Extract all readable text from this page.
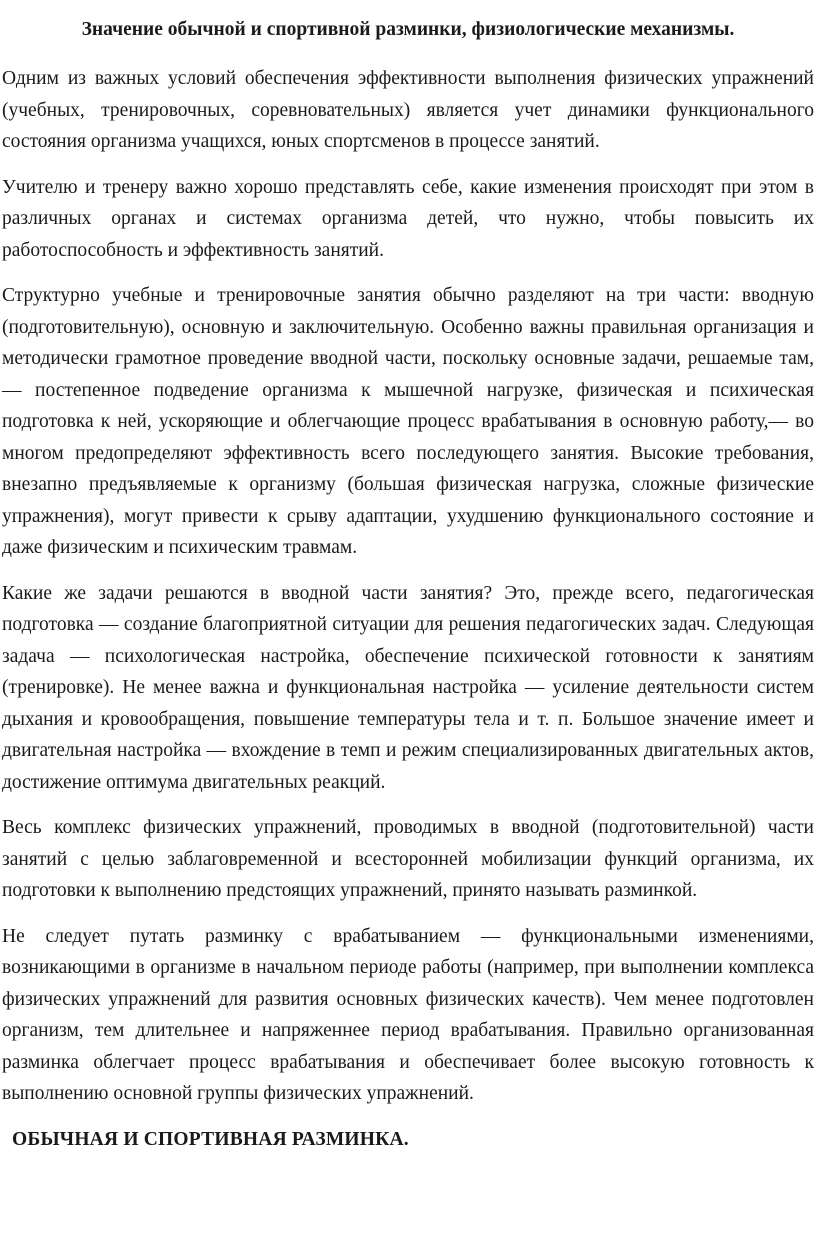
Значение обычной и спортивной разминки, физиологические механизмы.

Одним из важных условий обеспечения эффективности выполнения физических упражнений (учебных, тренировочных, соревновательных) является учет динамики функционального состояния организма учащихся, юных спортсменов в процессе занятий.

Учителю и тренеру важно хорошо представлять себе, какие изменения происходят при этом в различных органах и системах организма детей, что нужно, чтобы повысить их работоспособность и эффективность занятий.

Структурно учебные и тренировочные занятия обычно разделяют на три части: вводную (подготовительную), основную и заключительную. Особенно важны правильная организация и методически грамотное проведение вводной части, поскольку основные задачи, решаемые там,— постепенное подведение организма к мышечной нагрузке, физическая и психическая подготовка к ней, ускоряющие и облегчающие процесс врабатывания в основную работу,— во многом предопределяют эффективность всего последующего занятия. Высокие требования, внезапно предъявляемые к организму (большая физическая нагрузка, сложные физические упражнения), могут привести к срыву адаптации, ухудшению функционального состояние и даже физическим и психическим травмам.

Какие же задачи решаются в вводной части занятия? Это, прежде всего, педагогическая подготовка — создание благоприятной ситуации для решения педагогических задач. Следующая задача — психологическая настройка, обеспечение психической готовности к занятиям (тренировке). Не менее важна и функциональная настройка — усиление деятельности систем дыхания и кровообращения, повышение температуры тела и т. п. Большое значение имеет и двигательная настройка — вхождение в темп и режим специализированных двигательных актов, достижение оптимума двигательных реакций.

Весь комплекс физических упражнений, проводимых в вводной (подготовительной) части занятий с целью заблаговременной и всесторонней мобилизации функций организма, их подготовки к выполнению предстоящих упражнений, принято называть разминкой.

Не следует путать разминку с врабатыванием — функциональными изменениями, возникающими в организме в начальном периоде работы (например, при выполнении комплекса физических упражнений для развития основных физических качеств). Чем менее подготовлен организм, тем длительнее и напряженнее период врабатывания. Правильно организованная разминка облегчает процесс врабатывания и обеспечивает более высокую готовность к выполнению основной группы физических упражнений.

ОБЫЧНАЯ И СПОРТИВНАЯ РАЗМИНКА.
